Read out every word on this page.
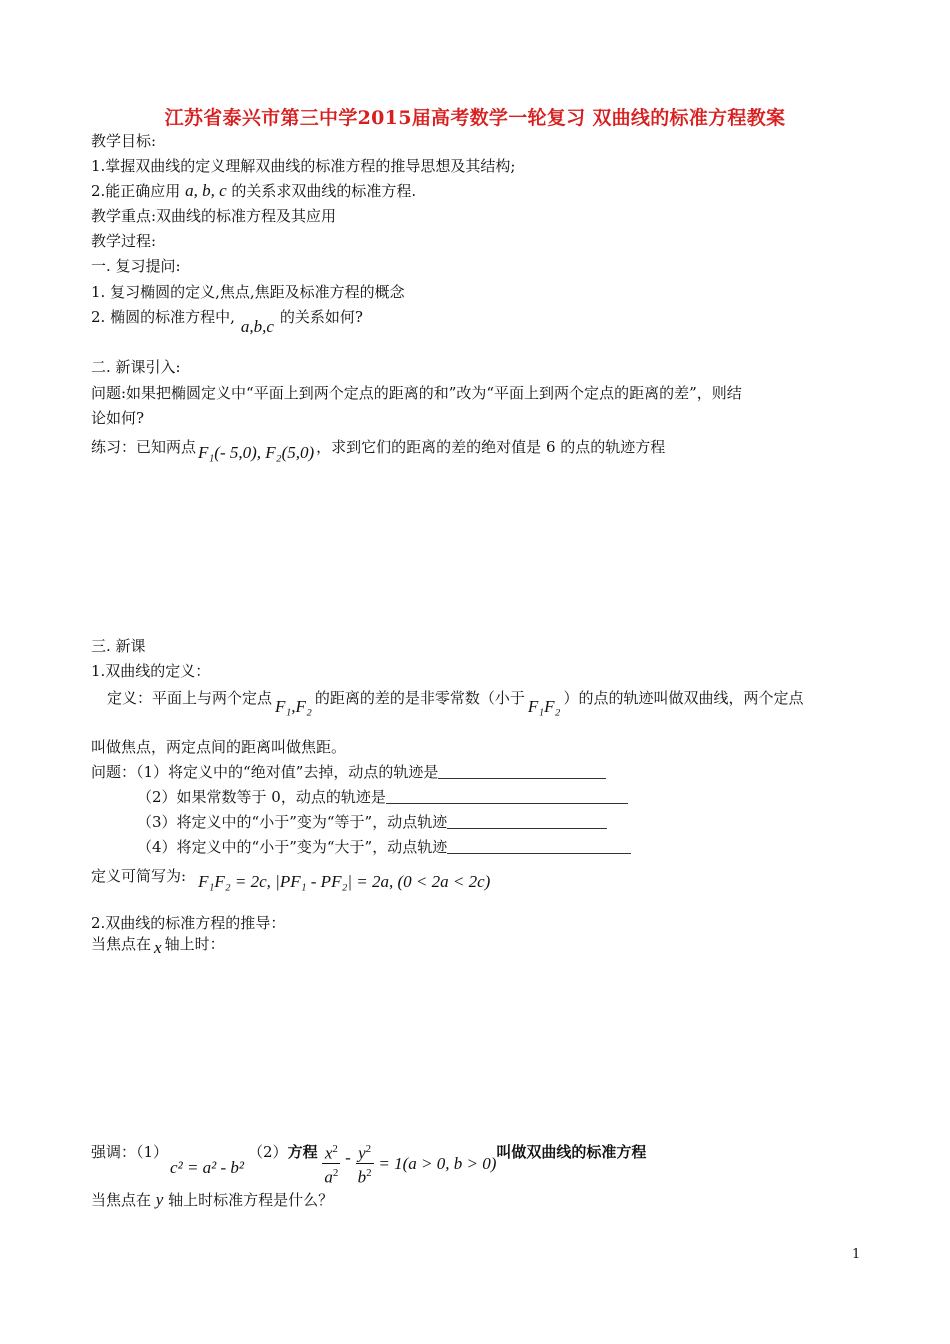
江苏省泰兴市第三中学2015届高考数学一轮复习 双曲线的标准方程教案
教学目标:
1.掌握双曲线的定义理解双曲线的标准方程的推导思想及其结构;
2.能正确应用 a, b, c 的关系求双曲线的标准方程.
教学重点:双曲线的标准方程及其应用
教学过程:
一. 复习提问:
1. 复习椭圆的定义,焦点,焦距及标准方程的概念
2. 椭圆的标准方程中, a,b,c 的关系如何?
二. 新课引入:
问题:如果把椭圆定义中“平面上到两个定点的距离的和”改为“平面上到两个定点的距离的差”，则结
论如何?
练习：已知两点 F₁(- 5,0), F₂(5,0) ，求到它们的距离的差的绝对值是 6 的点的轨迹方程
三. 新课
1.双曲线的定义：
定义：平面上与两个定点 F₁,F₂ 的距离的差的是非零常数（小于 F₁F₂ ）的点的轨迹叫做双曲线，两个定点
叫做焦点，两定点间的距离叫做焦距。
问题：（1）将定义中的“绝对值”去掉，动点的轨迹是
（2）如果常数等于 0，动点的轨迹是
（3）将定义中的“小于”变为“等于”，动点轨迹
（4）将定义中的“小于”变为“大于”，动点轨迹
定义可简写为: F₁F₂ = 2c, |PF₁ - PF₂| = 2a, (0 < 2a < 2c)
2.双曲线的标准方程的推导：
当焦点在 x 轴上时：
强调：（1）c² = a² - b²（2）方程 $\frac{x^2}{a^2} - \frac{y^2}{b^2} = 1(a > 0$, b > 0)叫做双曲线的标准方程
当焦点在 y 轴上时标准方程是什么？
1
